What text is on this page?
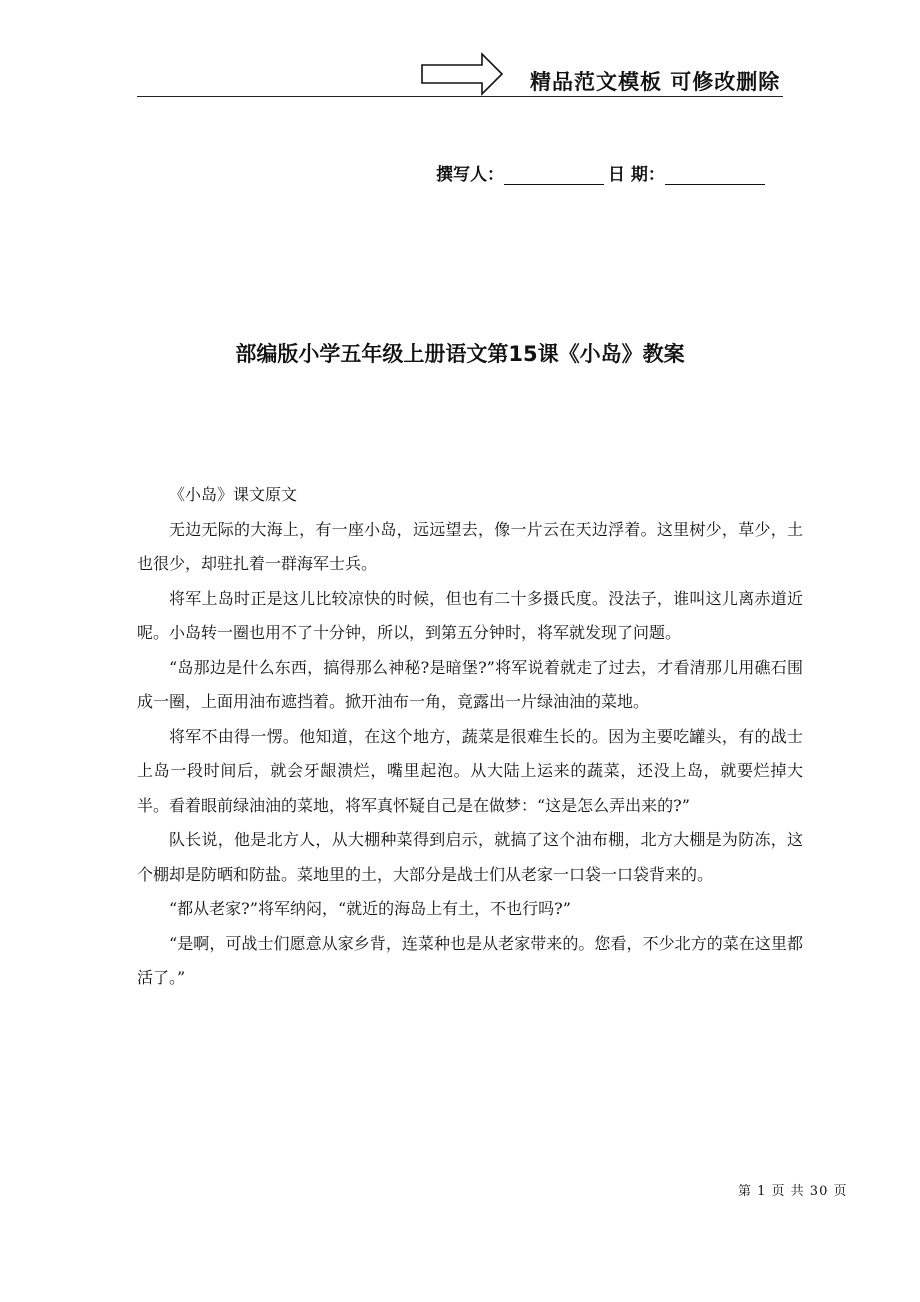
精品范文模板 可修改删除
撰写人：	日 期：
部编版小学五年级上册语文第15课《小岛》教案

《小岛》课文原文

无边无际的大海上，有一座小岛，远远望去，像一片云在天边浮着。这里树少，草少，土也很少，却驻扎着一群海军士兵。

将军上岛时正是这儿比较凉快的时候，但也有二十多摄氏度。没法子，谁叫这儿离赤道近呢。小岛转一圈也用不了十分钟，所以，到第五分钟时，将军就发现了问题。

“岛那边是什么东西，搞得那么神秘?是暗堡?”将军说着就走了过去，才看清那儿用礁石围成一圈，上面用油布遮挡着。掀开油布一角，竟露出一片绿油油的菜地。

将军不由得一愣。他知道，在这个地方，蔬菜是很难生长的。因为主要吃罐头，有的战士上岛一段时间后，就会牙龈溃烂，嘴里起泡。从大陆上运来的蔬菜，还没上岛，就要烂掉大半。看着眼前绿油油的菜地，将军真怀疑自己是在做梦：“这是怎么弄出来的?”

队长说，他是北方人，从大棚种菜得到启示，就搞了这个油布棚，北方大棚是为防冻，这个棚却是防晒和防盐。菜地里的土，大部分是战士们从老家一口袋一口袋背来的。

“都从老家?”将军纳闷，“就近的海岛上有土，不也行吗?”

“是啊，可战士们愿意从家乡背，连菜种也是从老家带来的。您看，不少北方的菜在这里都活了。”

第 1 页 共 30 页
